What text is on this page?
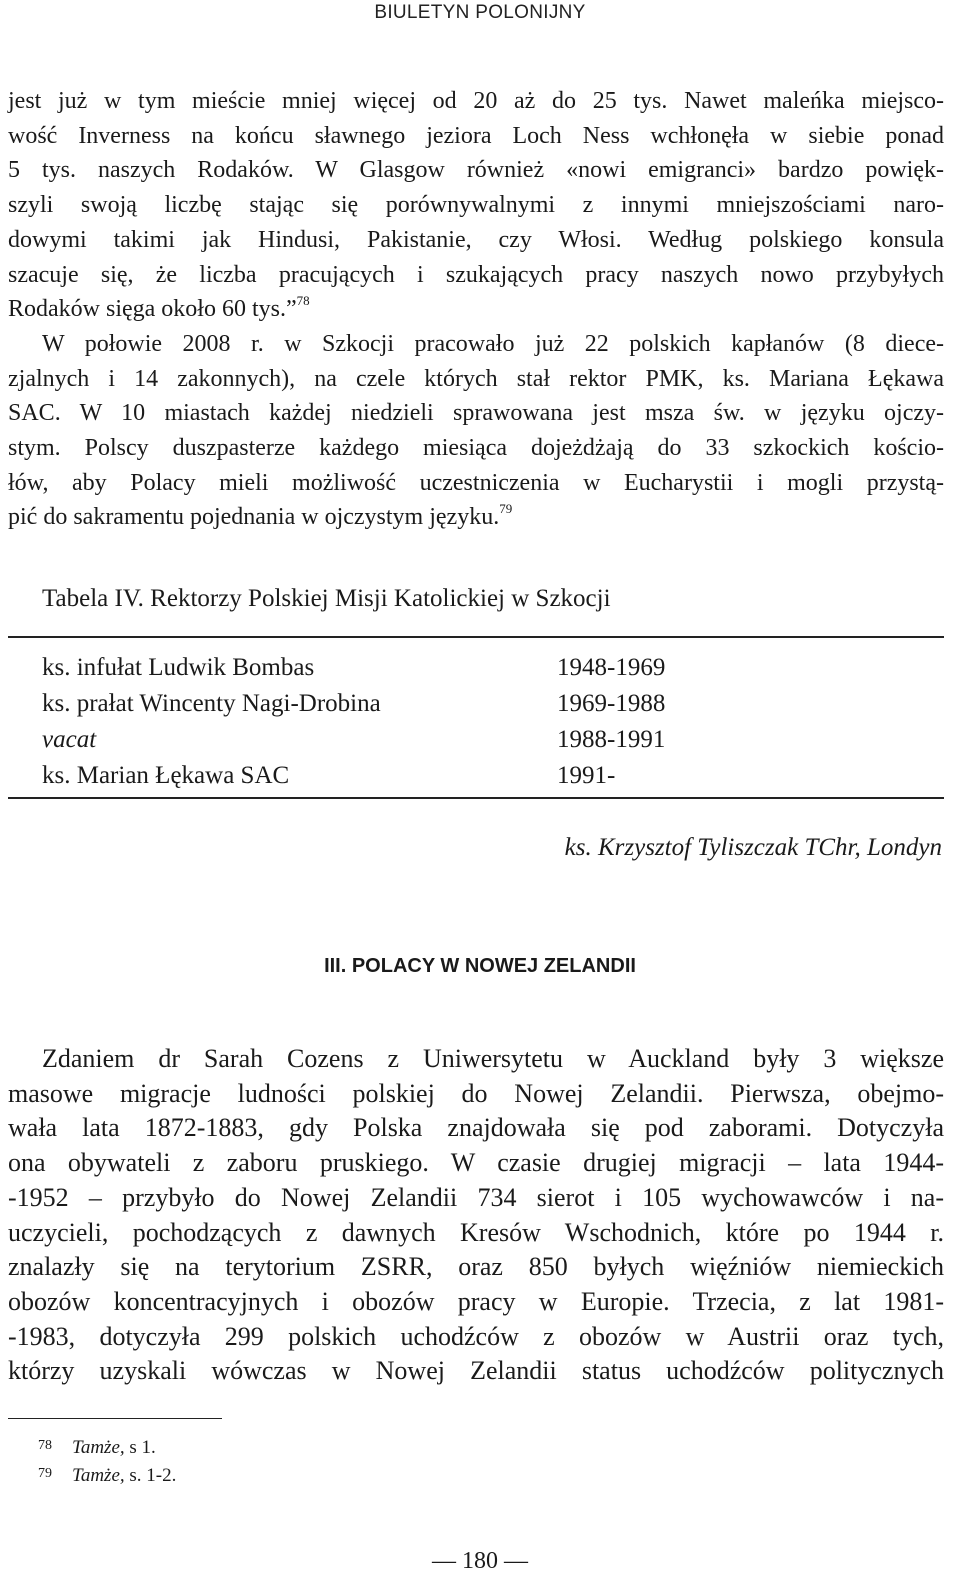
BIULETYN POLONIJNY
jest już w tym mieście mniej więcej od 20 aż do 25 tys. Nawet maleńka miejsco-
wość Inverness na końcu sławnego jeziora Loch Ness wchłonęła w siebie ponad
5 tys. naszych Rodaków. W Glasgow również «nowi emigranci» bardzo powięk-
szyli swoją liczbę stając się porównywalnymi z innymi mniejszościami naro-
dowymi takimi jak Hindusi, Pakistanie, czy Włosi. Według polskiego konsula
szacuje się, że liczba pracujących i szukających pracy naszych nowo przybyłych
Rodaków sięga około 60 tys.”$^{78}$
W połowie 2008 r. w Szkocji pracowało już 22 polskich kapłanów (8 diece-
zjalnych i 14 zakonnych), na czele których stał rektor PMK, ks. Mariana Łękawa
SAC. W 10 miastach każdej niedzieli sprawowana jest msza św. w języku ojczy-
stym. Polscy duszpasterze każdego miesiąca dojeżdżają do 33 szkockich kościo-
łów, aby Polacy mieli możliwość uczestniczenia w Eucharystii i mogli przystą-
pić do sakramentu pojednania w ojczystym języku.$^{79}$

Tabela IV. Rektorzy Polskiej Misji Katolickiej w Szkocji

ks. infułat Ludwik Bombas	1948-1969
ks. prałat Wincenty Nagi-Drobina	1969-1988
vacat	1988-1991
ks. Marian Łękawa SAC	1991-

ks. Krzysztof Tyliszczak TChr, Londyn

III. POLACY W NOWEJ ZELANDII
Zdaniem dr Sarah Cozens z Uniwersytetu w Auckland były 3 większe
masowe migracje ludności polskiej do Nowej Zelandii. Pierwsza, obejmo-
wała lata 1872-1883, gdy Polska znajdowała się pod zaborami. Dotyczyła
ona obywateli z zaboru pruskiego. W czasie drugiej migracji – lata 1944-
-1952 – przybyło do Nowej Zelandii 734 sierot i 105 wychowawców i na-
uczycieli, pochodzących z dawnych Kresów Wschodnich, które po 1944 r.
znalazły się na terytorium ZSRR, oraz 850 byłych więźniów niemieckich
obozów koncentracyjnych i obozów pracy w Europie. Trzecia, z lat 1981-
-1983, dotyczyła 299 polskich uchodźców z obozów w Austrii oraz tych,
którzy uzyskali wówczas w Nowej Zelandii status uchodźców politycznych
78 Tamże, s 1.
79 Tamże, s. 1-2.

— 180 —
